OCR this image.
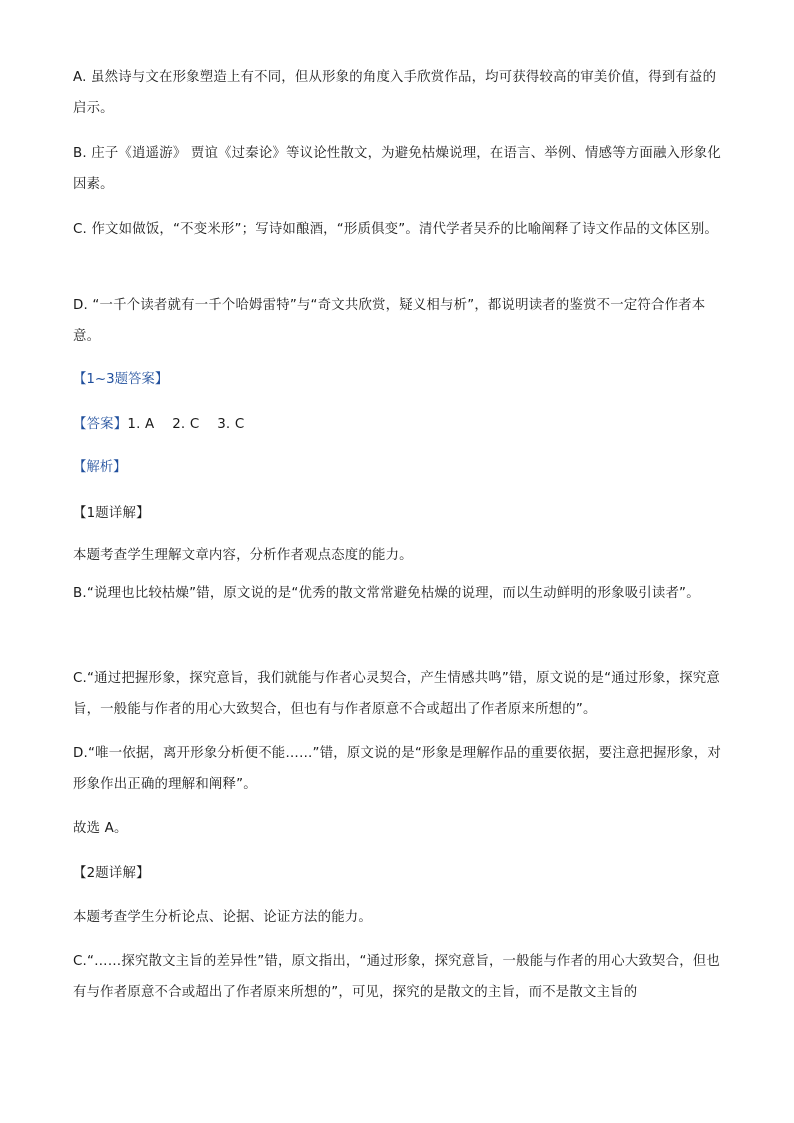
A. 虽然诗与文在形象塑造上有不同，但从形象的角度入手欣赏作品，均可获得较高的审美价值，得到有益的启示。

B. 庄子《逍遥游》 贾谊《过秦论》等议论性散文，为避免枯燥说理，在语言、举例、情感等方面融入形象化因素。

C. 作文如做饭，“不变米形”；写诗如酿酒，“形质俱变”。清代学者吴乔的比喻阐释了诗文作品的文体区别。

D. “一千个读者就有一千个哈姆雷特”与“奇文共欣赏，疑义相与析”，都说明读者的鉴赏不一定符合作者本意。

【1~3题答案】

【答案】1. A    2. C    3. C

【解析】

【1题详解】

本题考查学生理解文章内容，分析作者观点态度的能力。

B.“说理也比较枯燥”错，原文说的是“优秀的散文常常避免枯燥的说理，而以生动鲜明的形象吸引读者”。

C.“通过把握形象，探究意旨，我们就能与作者心灵契合，产生情感共鸣”错，原文说的是“通过形象，探究意旨，一般能与作者的用心大致契合，但也有与作者原意不合或超出了作者原来所想的”。

D.“唯一依据，离开形象分析便不能……”错，原文说的是“形象是理解作品的重要依据，要注意把握形象，对形象作出正确的理解和阐释”。

故选 A。

【2题详解】

本题考查学生分析论点、论据、论证方法的能力。

C.“……探究散文主旨的差异性”错，原文指出，“通过形象，探究意旨，一般能与作者的用心大致契合，但也有与作者原意不合或超出了作者原来所想的”，可见，探究的是散文的主旨，而不是散文主旨的
